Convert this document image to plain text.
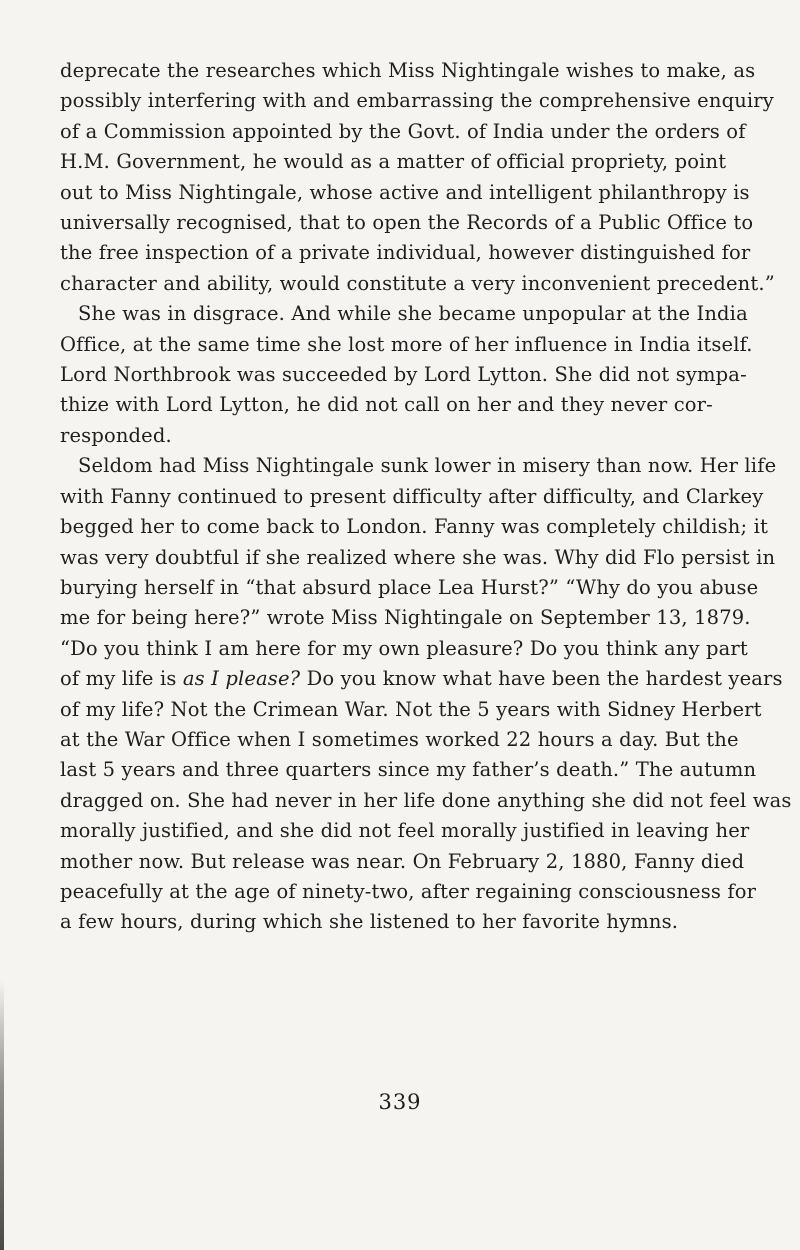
deprecate the researches which Miss Nightingale wishes to make, as
possibly interfering with and embarrassing the comprehensive enquiry
of a Commission appointed by the Govt. of India under the orders of
H.M. Government, he would as a matter of official propriety, point
out to Miss Nightingale, whose active and intelligent philanthropy is
universally recognised, that to open the Records of a Public Office to
the free inspection of a private individual, however distinguished for
character and ability, would constitute a very inconvenient precedent.”
She was in disgrace. And while she became unpopular at the India
Office, at the same time she lost more of her influence in India itself.
Lord Northbrook was succeeded by Lord Lytton. She did not sympa-
thize with Lord Lytton, he did not call on her and they never cor-
responded.
Seldom had Miss Nightingale sunk lower in misery than now. Her life
with Fanny continued to present difficulty after difficulty, and Clarkey
begged her to come back to London. Fanny was completely childish; it
was very doubtful if she realized where she was. Why did Flo persist in
burying herself in “that absurd place Lea Hurst?” “Why do you abuse
me for being here?” wrote Miss Nightingale on September 13, 1879.
“Do you think I am here for my own pleasure? Do you think any part
of my life is as I please? Do you know what have been the hardest years
of my life? Not the Crimean War. Not the 5 years with Sidney Herbert
at the War Office when I sometimes worked 22 hours a day. But the
last 5 years and three quarters since my father’s death.” The autumn
dragged on. She had never in her life done anything she did not feel was
morally justified, and she did not feel morally justified in leaving her
mother now. But release was near. On February 2, 1880, Fanny died
peacefully at the age of ninety-two, after regaining consciousness for
a few hours, during which she listened to her favorite hymns.
339
